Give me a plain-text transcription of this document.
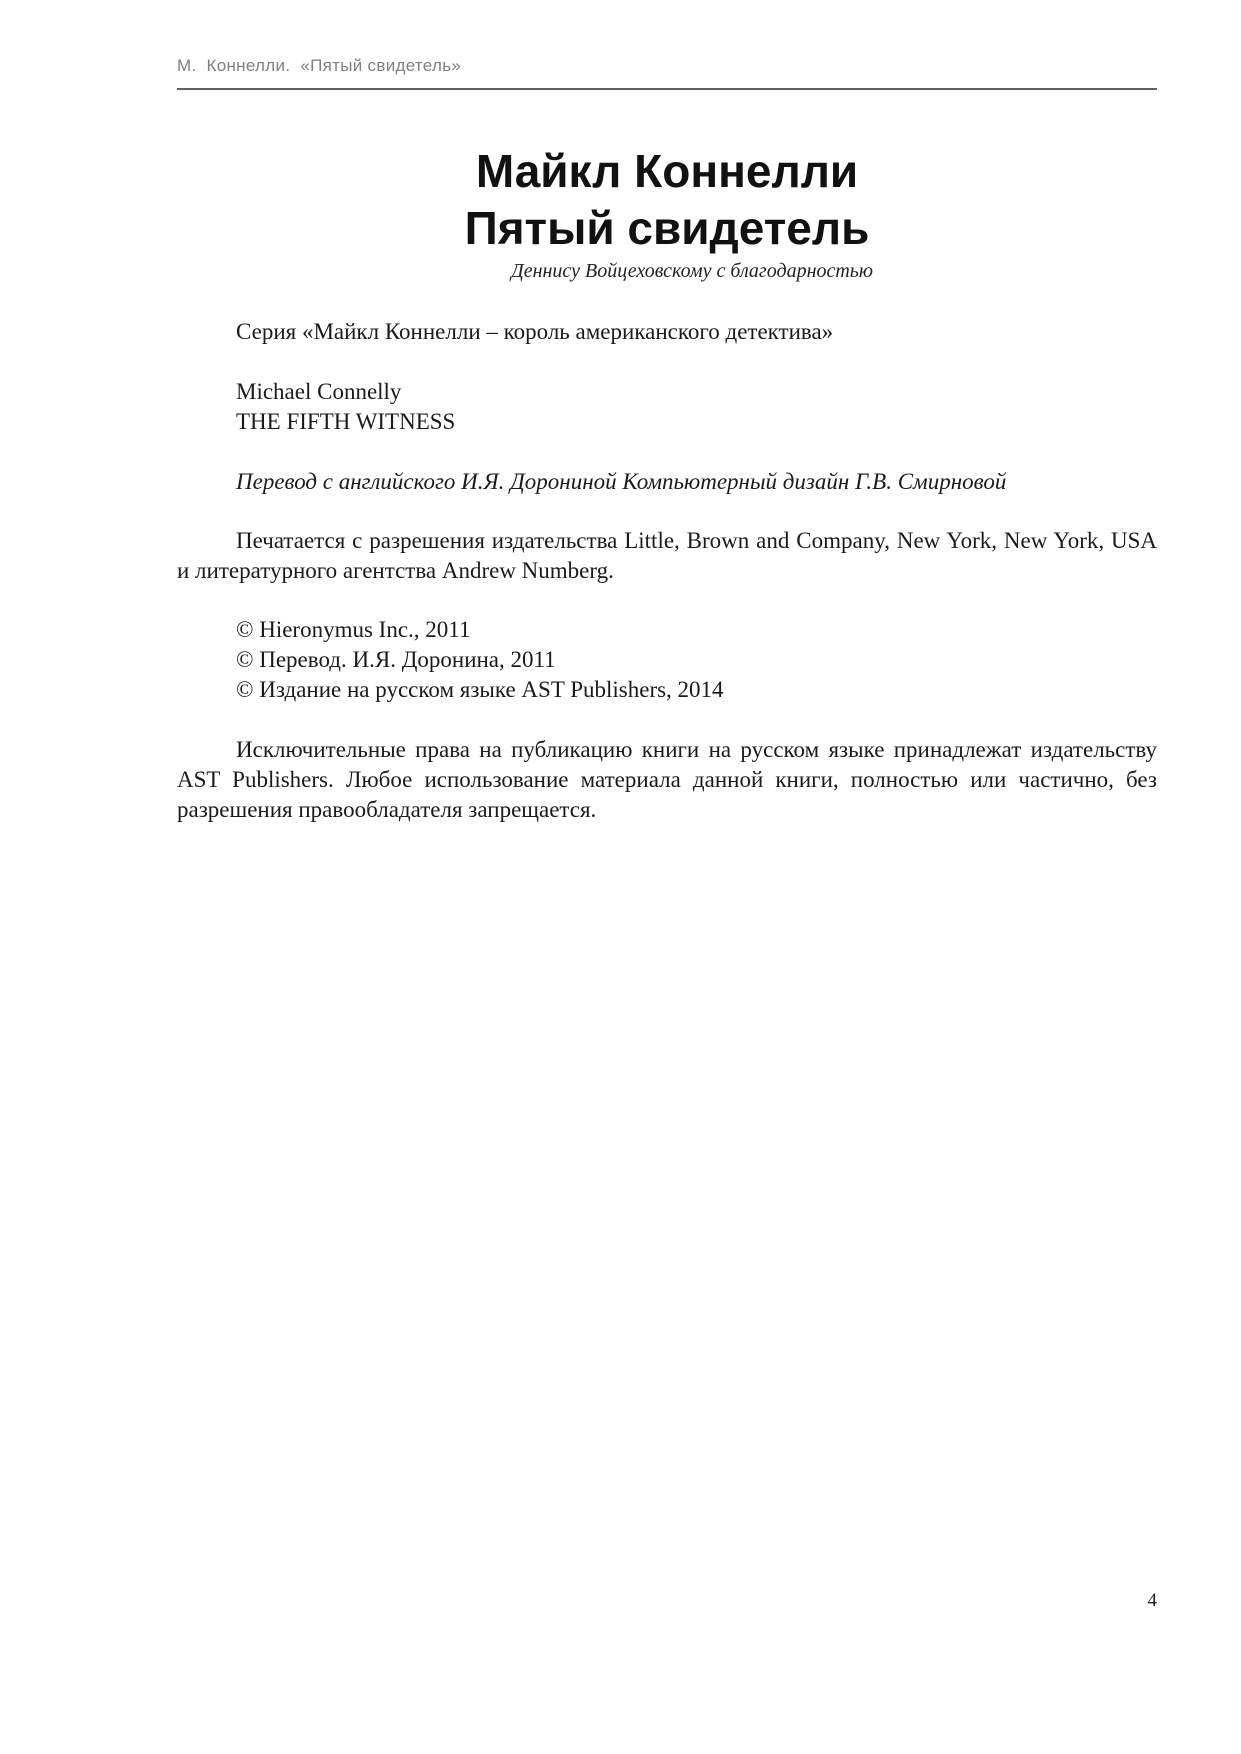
М.  Коннелли.  «Пятый свидетель»
Майкл Коннелли
Пятый свидетель
Деннису Войцеховскому с благодарностью
Серия «Майкл Коннелли – король американского детектива»
Michael Connelly
THE FIFTH WITNESS
Перевод с английского И.Я. Дорониной Компьютерный дизайн Г.В. Смирновой
Печатается с разрешения издательства Little, Brown and Company, New York, New York, USA и литературного агентства Andrew Numberg.
© Hieronymus Inc., 2011
© Перевод. И.Я. Доронина, 2011
© Издание на русском языке AST Publishers, 2014
Исключительные права на публикацию книги на русском языке принадлежат издательству AST Publishers. Любое использование материала данной книги, полностью или частично, без разрешения правообладателя запрещается.
4
